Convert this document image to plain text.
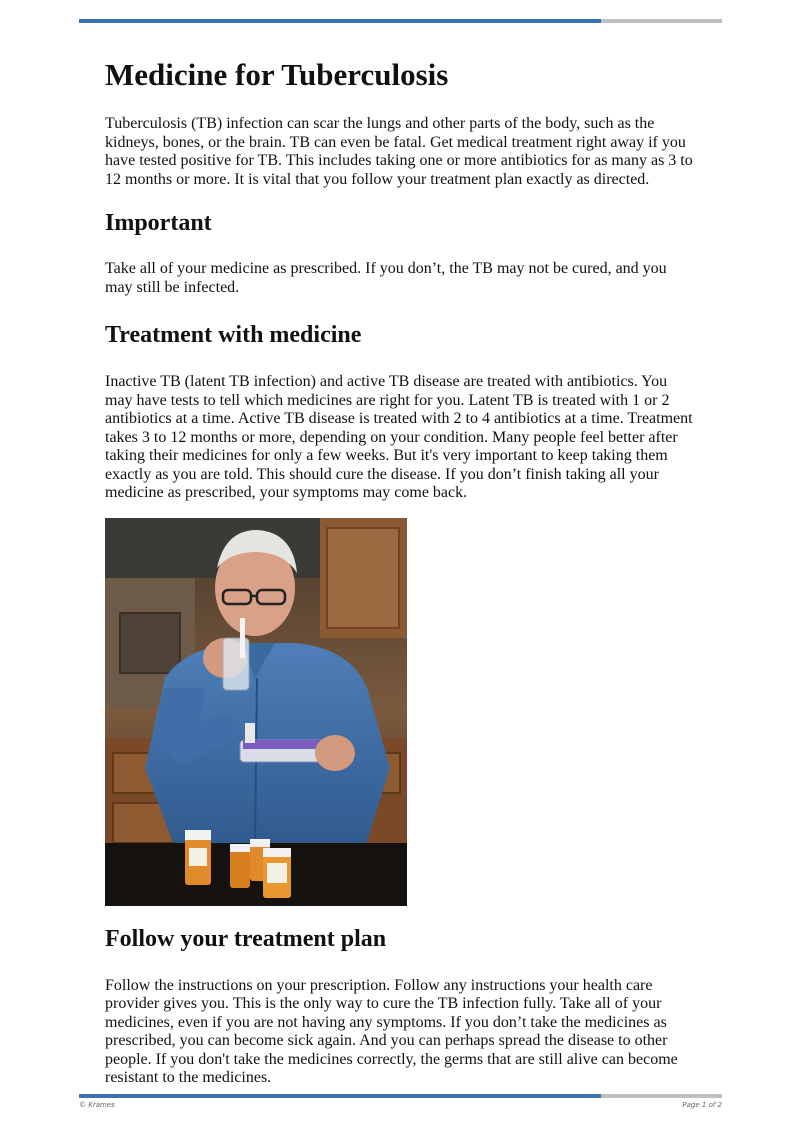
Medicine for Tuberculosis

Tuberculosis (TB) infection can scar the lungs and other parts of the body, such as the kidneys, bones, or the brain. TB can even be fatal. Get medical treatment right away if you have tested positive for TB. This includes taking one or more antibiotics for as many as 3 to 12 months or more. It is vital that you follow your treatment plan exactly as directed.

Important

Take all of your medicine as prescribed. If you don’t, the TB may not be cured, and you may still be infected.

Treatment with medicine

Inactive TB (latent TB infection) and active TB disease are treated with antibiotics. You may have tests to tell which medicines are right for you. Latent TB is treated with 1 or 2 antibiotics at a time. Active TB disease is treated with 2 to 4 antibiotics at a time. Treatment takes 3 to 12 months or more, depending on your condition. Many people feel better after taking their medicines for only a few weeks. But it's very important to keep taking them exactly as you are told. This should cure the disease. If you don’t finish taking all your medicine as prescribed, your symptoms may come back.

Follow your treatment plan

Follow the instructions on your prescription. Follow any instructions your health care provider gives you. This is the only way to cure the TB infection fully. Take all of your medicines, even if you are not having any symptoms. If you don’t take the medicines as prescribed, you can become sick again. And you can perhaps spread the disease to other people. If you don't take the medicines correctly, the germs that are still alive can become resistant to the medicines.

© Krames	Page 1 of 2
